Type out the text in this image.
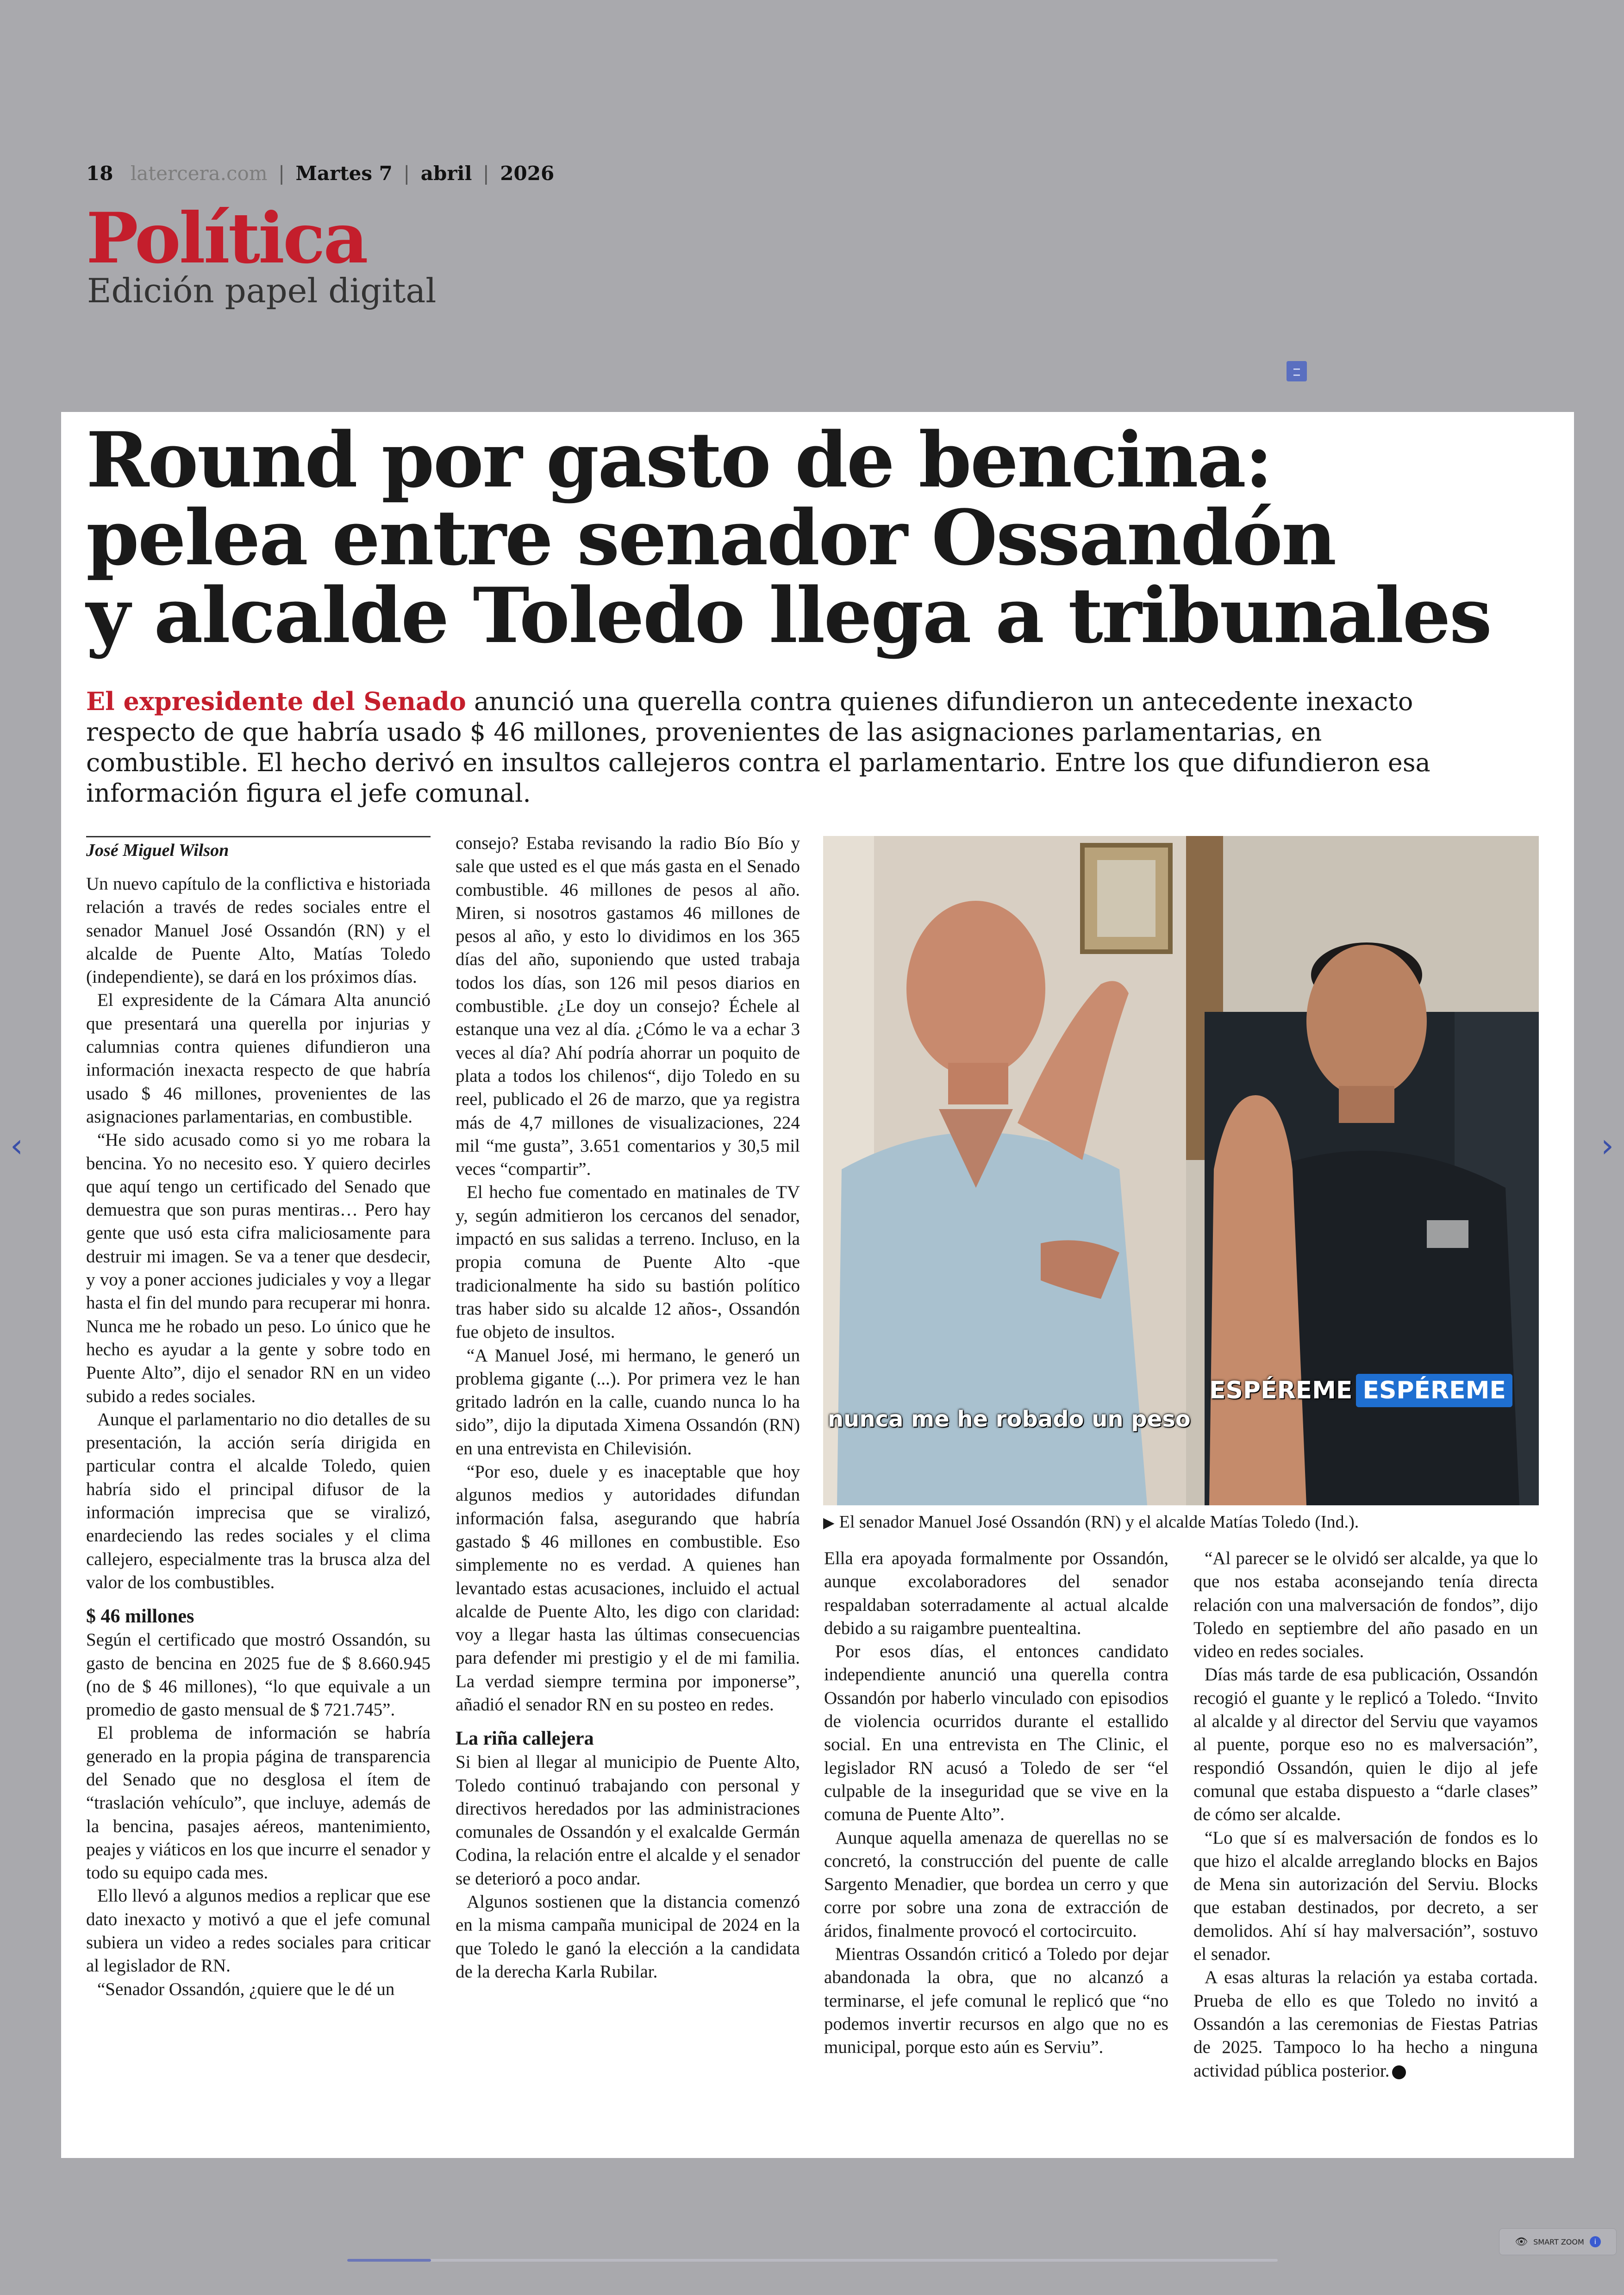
18 latercera.com | Martes 7 | abril | 2026
Política
Edición papel digital
‹	›
Round por gasto de bencina:
pelea entre senador Ossandón
y alcalde Toledo llega a tribunales
El expresidente del Senado anunció una querella contra quienes difundieron un antecedente inexacto respecto de que habría usado $ 46 millones, provenientes de las asignaciones parlamentarias, en combustible. El hecho derivó en insultos callejeros contra el parlamentario. Entre los que difundieron esa información figura el jefe comunal.
José Miguel Wilson

Un nuevo capítulo de la conflictiva e historiada relación a través de redes sociales entre el senador Manuel José Ossandón (RN) y el alcalde de Puente Alto, Matías Toledo (independiente), se dará en los próximos días.

El expresidente de la Cámara Alta anunció que presentará una querella por injurias y calumnias contra quienes difundieron una información inexacta respecto de que habría usado $ 46 millones, provenientes de las asignaciones parlamentarias, en combustible.

“He sido acusado como si yo me robara la bencina. Yo no necesito eso. Y quiero decirles que aquí tengo un certificado del Senado que demuestra que son puras mentiras… Pero hay gente que usó esta cifra maliciosamente para destruir mi imagen. Se va a tener que desdecir, y voy a poner acciones judiciales y voy a llegar hasta el fin del mundo para recuperar mi honra. Nunca me he robado un peso. Lo único que he hecho es ayudar a la gente y sobre todo en Puente Alto”, dijo el senador RN en un video subido a redes sociales.

Aunque el parlamentario no dio detalles de su presentación, la acción sería dirigida en particular contra el alcalde Toledo, quien habría sido el principal difusor de la información imprecisa que se viralizó, enardeciendo las redes sociales y el clima callejero, especialmente tras la brusca alza del valor de los combustibles.

$ 46 millones

Según el certificado que mostró Ossandón, su gasto de bencina en 2025 fue de $ 8.660.945 (no de $ 46 millones), “lo que equivale a un promedio de gasto mensual de $ 721.745”.

El problema de información se habría generado en la propia página de transparencia del Senado que no desglosa el ítem de “traslación vehículo”, que incluye, además de la bencina, pasajes aéreos, mantenimiento, peajes y viáticos en los que incurre el senador y todo su equipo cada mes.

Ello llevó a algunos medios a replicar que ese dato inexacto y motivó a que el jefe comunal subiera un video a redes sociales para criticar al legislador de RN.

“Senador Ossandón, ¿quiere que le dé un

consejo? Estaba revisando la radio Bío Bío y sale que usted es el que más gasta en el Senado combustible. 46 millones de pesos al año. Miren, si nosotros gastamos 46 millones de pesos al año, y esto lo dividimos en los 365 días del año, suponiendo que usted trabaja todos los días, son 126 mil pesos diarios en combustible. ¿Le doy un consejo? Échele al estanque una vez al día. ¿Cómo le va a echar 3 veces al día? Ahí podría ahorrar un poquito de plata a todos los chilenos“, dijo Toledo en su reel, publicado el 26 de marzo, que ya registra más de 4,7 millones de visualizaciones, 224 mil “me gusta”, 3.651 comentarios y 30,5 mil veces “compartir”.

El hecho fue comentado en matinales de TV y, según admitieron los cercanos del senador, impactó en sus salidas a terreno. Incluso, en la propia comuna de Puente Alto -que tradicionalmente ha sido su bastión político tras haber sido su alcalde 12 años-, Ossandón fue objeto de insultos.

“A Manuel José, mi hermano, le generó un problema gigante (...). Por primera vez le han gritado ladrón en la calle, cuando nunca lo ha sido”, dijo la diputada Ximena Ossandón (RN) en una entrevista en Chilevisión.

“Por eso, duele y es inaceptable que hoy algunos medios y autoridades difundan información falsa, asegurando que habría gastado $ 46 millones en combustible. Eso simplemente no es verdad. A quienes han levantado estas acusaciones, incluido el actual alcalde de Puente Alto, les digo con claridad: voy a llegar hasta las últimas consecuencias para defender mi prestigio y el de mi familia. La verdad siempre termina por imponerse”, añadió el senador RN en su posteo en redes.

La riña callejera

Si bien al llegar al municipio de Puente Alto, Toledo continuó trabajando con personal y directivos heredados por las administraciones comunales de Ossandón y el exalcalde Germán Codina, la relación entre el alcalde y el senador se deterioró a poco andar.

Algunos sostienen que la distancia comenzó en la misma campaña municipal de 2024 en la que Toledo le ganó la elección a la candidata de la derecha Karla Rubilar.

nunca me he robado un peso
ESPÉREME ESPÉREME
▶ El senador Manuel José Ossandón (RN) y el alcalde Matías Toledo (Ind.).

Ella era apoyada formalmente por Ossandón, aunque excolaboradores del senador respaldaban soterradamente al actual alcalde debido a su raigambre puentealtina.

Por esos días, el entonces candidato independiente anunció una querella contra Ossandón por haberlo vinculado con episodios de violencia ocurridos durante el estallido social. En una entrevista en The Clinic, el legislador RN acusó a Toledo de ser “el culpable de la inseguridad que se vive en la comuna de Puente Alto”.

Aunque aquella amenaza de querellas no se concretó, la construcción del puente de calle Sargento Menadier, que bordea un cerro y que corre por sobre una zona de extracción de áridos, finalmente provocó el cortocircuito.

Mientras Ossandón criticó a Toledo por dejar abandonada la obra, que no alcanzó a terminarse, el jefe comunal le replicó que “no podemos invertir recursos en algo que no es municipal, porque esto aún es Serviu”.

“Al parecer se le olvidó ser alcalde, ya que lo que nos estaba aconsejando tenía directa relación con una malversación de fondos”, dijo Toledo en septiembre del año pasado en un video en redes sociales.

Días más tarde de esa publicación, Ossandón recogió el guante y le replicó a Toledo. “Invito al alcalde y al director del Serviu que vayamos al puente, porque eso no es malversación”, respondió Ossandón, quien le dijo al jefe comunal que estaba dispuesto a “darle clases” de cómo ser alcalde.

“Lo que sí es malversación de fondos es lo que hizo el alcalde arreglando blocks en Bajos de Mena sin autorización del Serviu. Blocks que estaban destinados, por decreto, a ser demolidos. Ahí sí hay malversación”, sostuvo el senador.

A esas alturas la relación ya estaba cortada. Prueba de ello es que Toledo no invitó a Ossandón a las ceremonias de Fiestas Patrias de 2025. Tampoco lo ha hecho a ninguna actividad pública posterior.

👁 SMART ZOOM	i
